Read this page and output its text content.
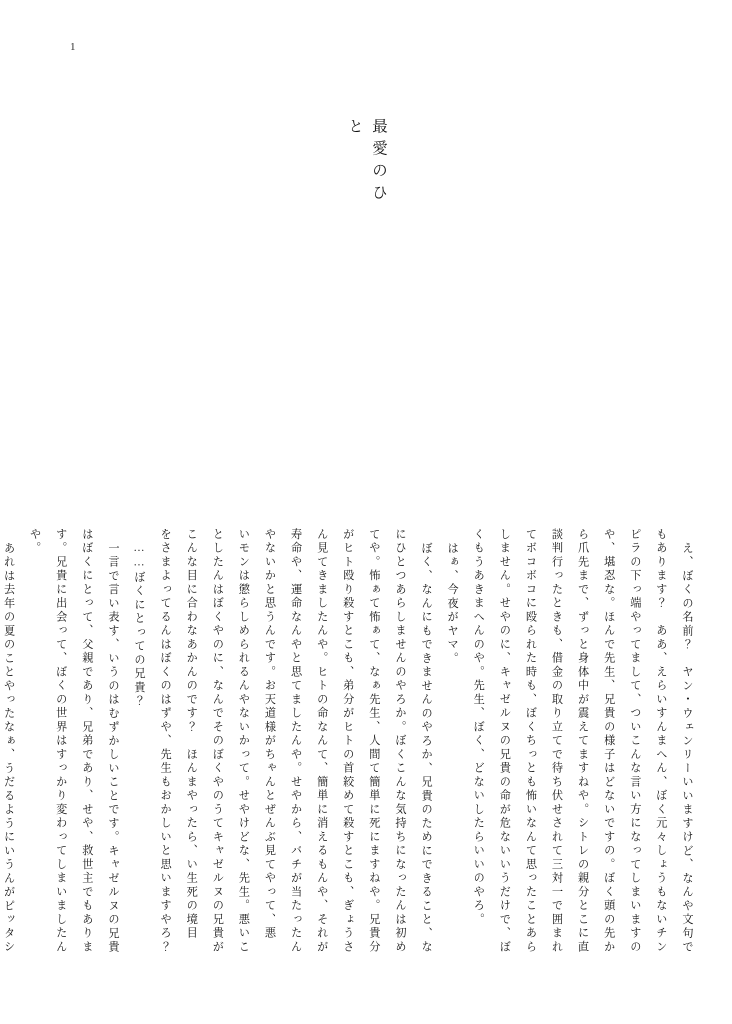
1
最愛のひと
え、ぼくの名前？　ヤン・ウェンリーいいますけど、なんや文句で
もあります？　ああ、えらいすんまへん、ぼく元々しょうもないチン
ピラの下っ端やってまして、ついこんな言い方になってしまいますの
や、堪忍な。ほんで先生、兄貴の様子はどないですの。ぼく頭の先か
ら爪先まで、ずっと身体中が震えてますねや。シトレの親分とこに直
談判行ったときも、借金の取り立てで待ち伏せされて三対一で囲まれ
てボコボコに殴られた時も、ぼくちっとも怖いなんて思ったことあら
しません。せやのに、キャゼルヌの兄貴の命が危ないいうだけで、ぼ
くもうあきまへんのや。先生、ぼく、どないしたらいいのやろ。
はぁ、今夜がヤマ。
ぼく、なんにもできませんのやろか、兄貴のためにできること、な
にひとつあらしませんのやろか。ぼくこんな気持ちになったんは初め
てや。怖ぁて怖ぁて、なぁ先生、人間て簡単に死にますねや。兄貴分
がヒト殴り殺すとこも、弟分がヒトの首絞めて殺すとこも、ぎょうさ
ん見てきましたんや。ヒトの命なんて、簡単に消えるもんや、それが
寿命や、運命なんやと思てましたんや。せやから、バチが当たったん
やないかと思うんです。お天道様がちゃんとぜんぶ見てやって、悪
いモンは懲らしめられるんやないかって。せやけどな、先生。悪いこ
としたんはぼくやのに、なんでそのぼくやのうてキャゼルヌの兄貴が
こんな目に合わなあかんのです？　ほんまやったら、い生死の境目
をさまよってるんはぼくのはずや、先生もおかしいと思いますやろ？
……ぼくにとっての兄貴？
一言で言い表す、いうのはむずかしいことです。キャゼルヌの兄貴
はぼくにとって、父親であり、兄弟であり、せや、救世主でもありま
す。兄貴に出会って、ぼくの世界はすっかり変わってしまいましたん
や。
あれは去年の夏のことやったなぁ、うだるようにいうんがピッタシ
